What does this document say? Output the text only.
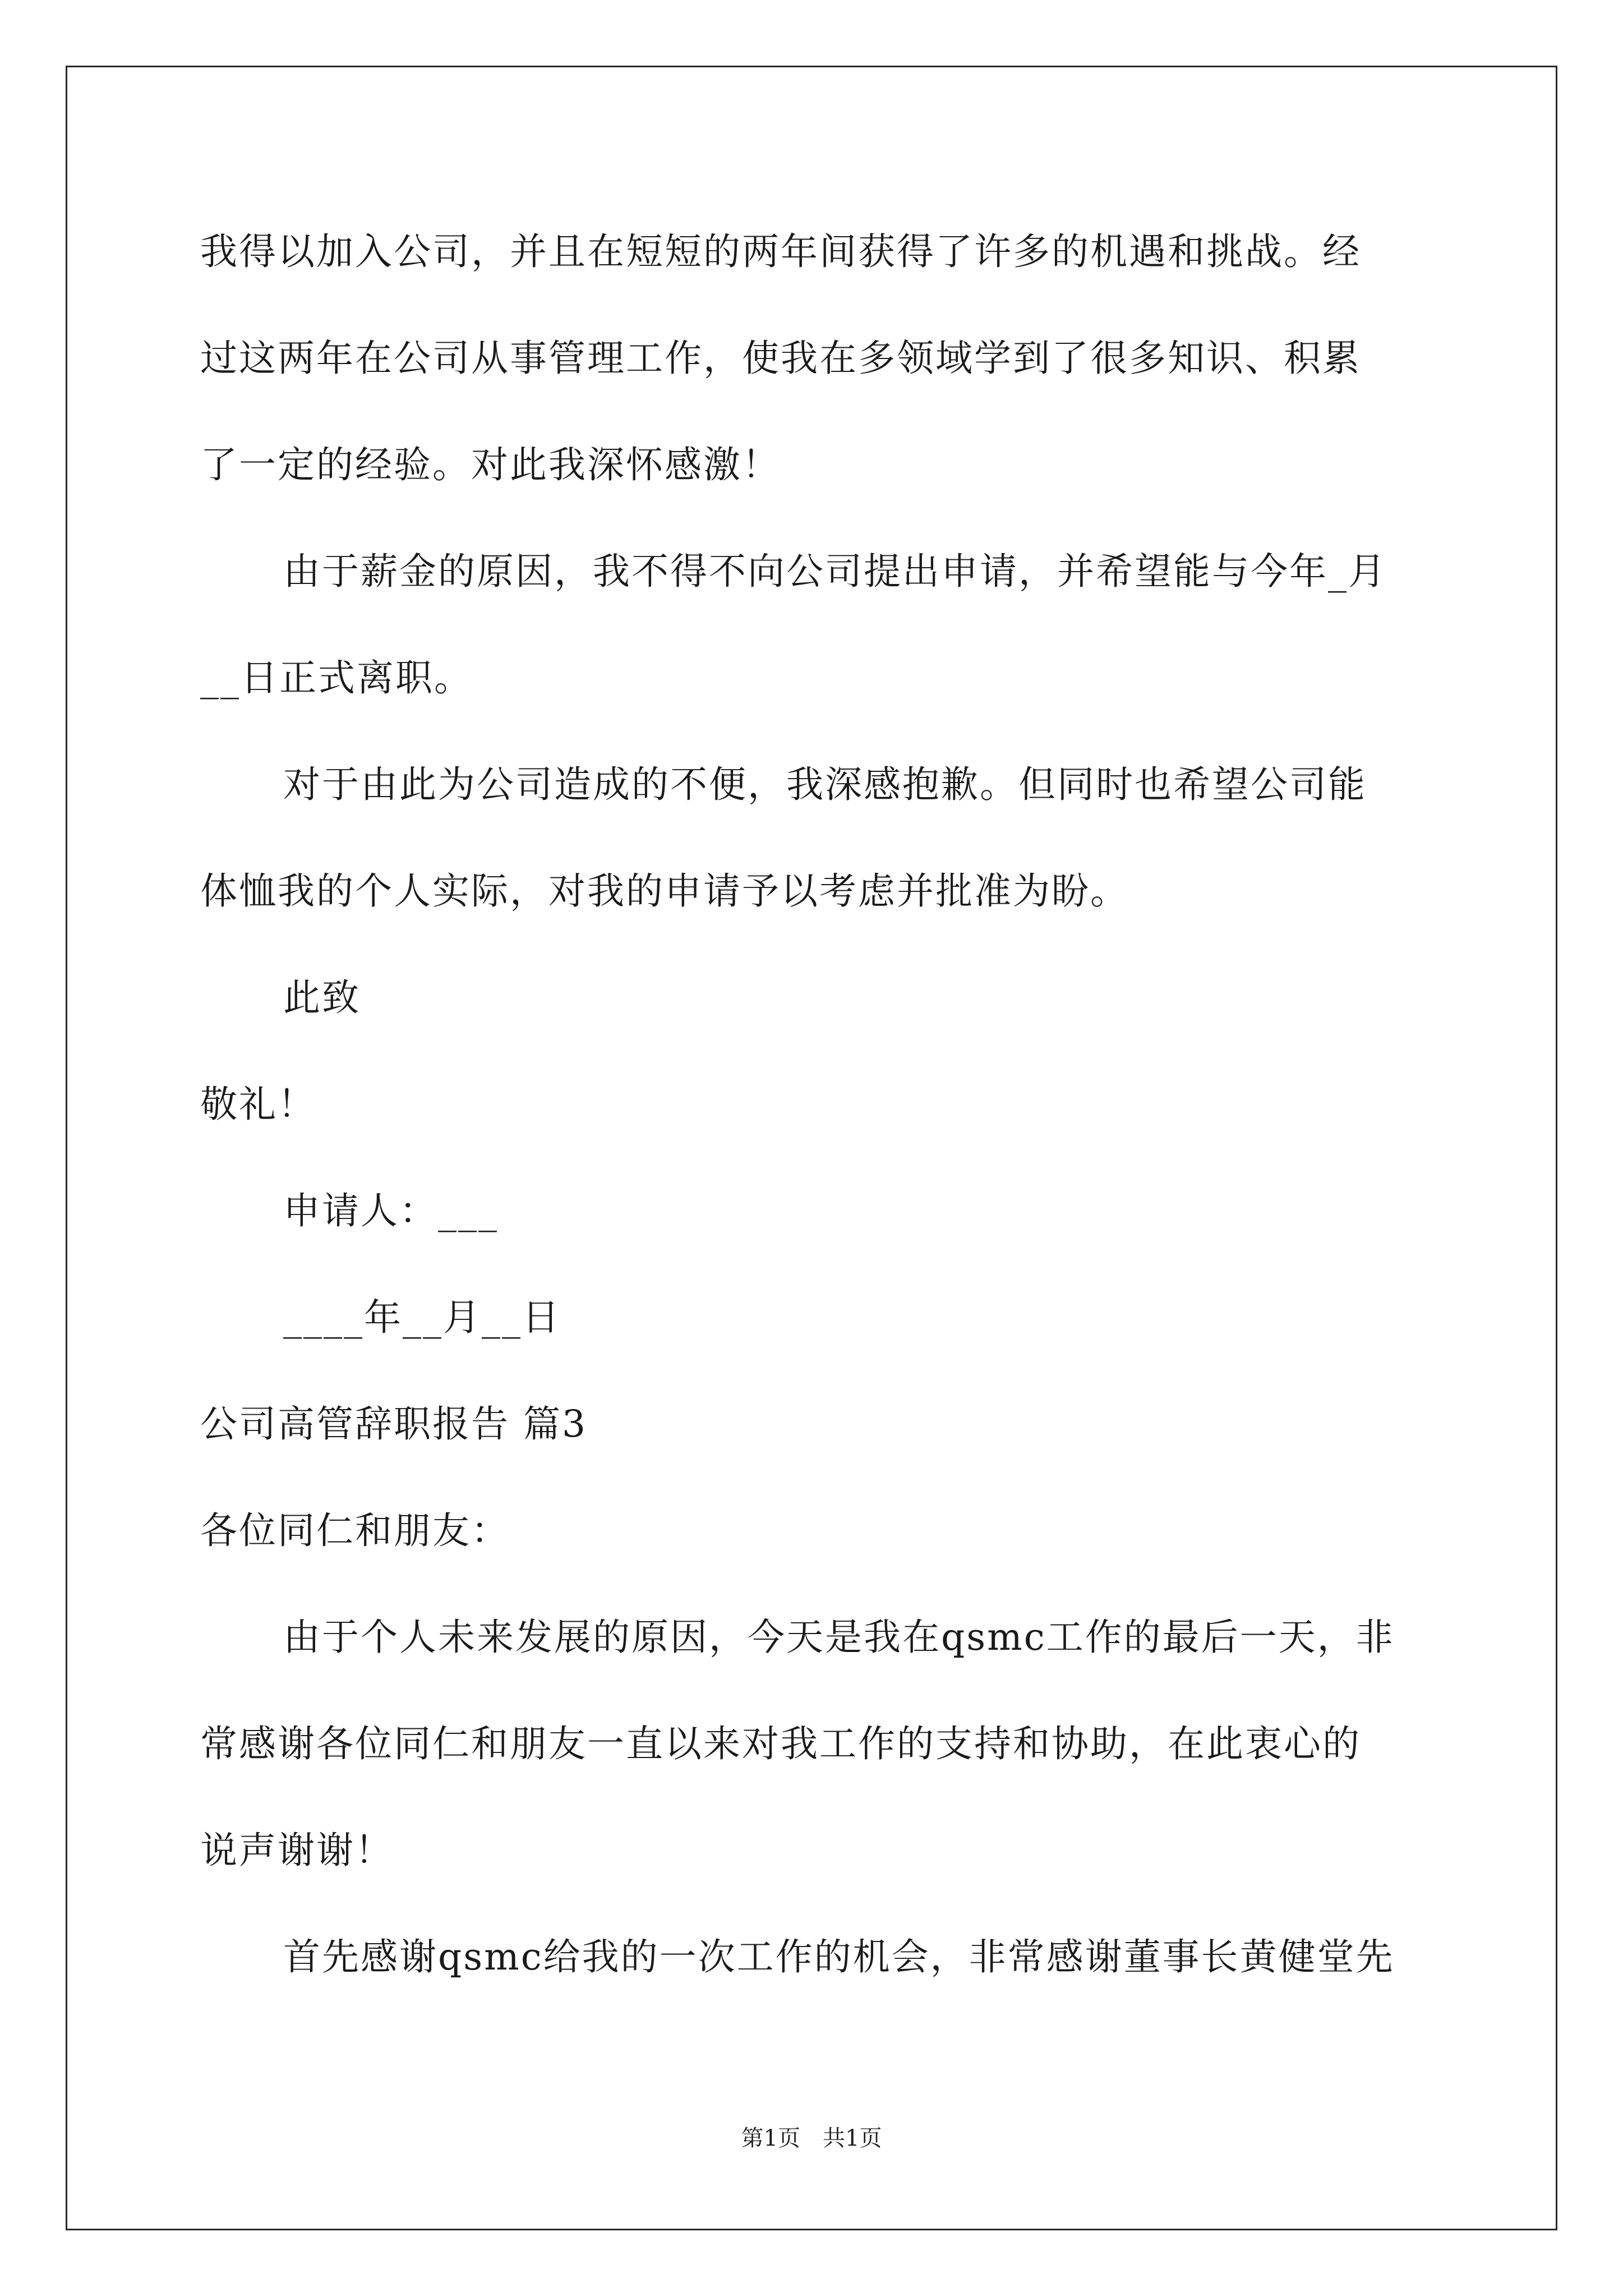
我得以加入公司，并且在短短的两年间获得了许多的机遇和挑战。经
过这两年在公司从事管理工作，使我在多领域学到了很多知识、积累
了一定的经验。对此我深怀感激！
由于薪金的原因，我不得不向公司提出申请，并希望能与今年_月
__日正式离职。
对于由此为公司造成的不便，我深感抱歉。但同时也希望公司能
体恤我的个人实际，对我的申请予以考虑并批准为盼。
此致
敬礼！
申请人：___
____年__月__日
公司高管辞职报告 篇3
各位同仁和朋友：
由于个人未来发展的原因，今天是我在qsmc工作的最后一天，非
常感谢各位同仁和朋友一直以来对我工作的支持和协助，在此衷心的
说声谢谢！
首先感谢qsmc给我的一次工作的机会，非常感谢董事长黄健堂先
第1页　共1页
